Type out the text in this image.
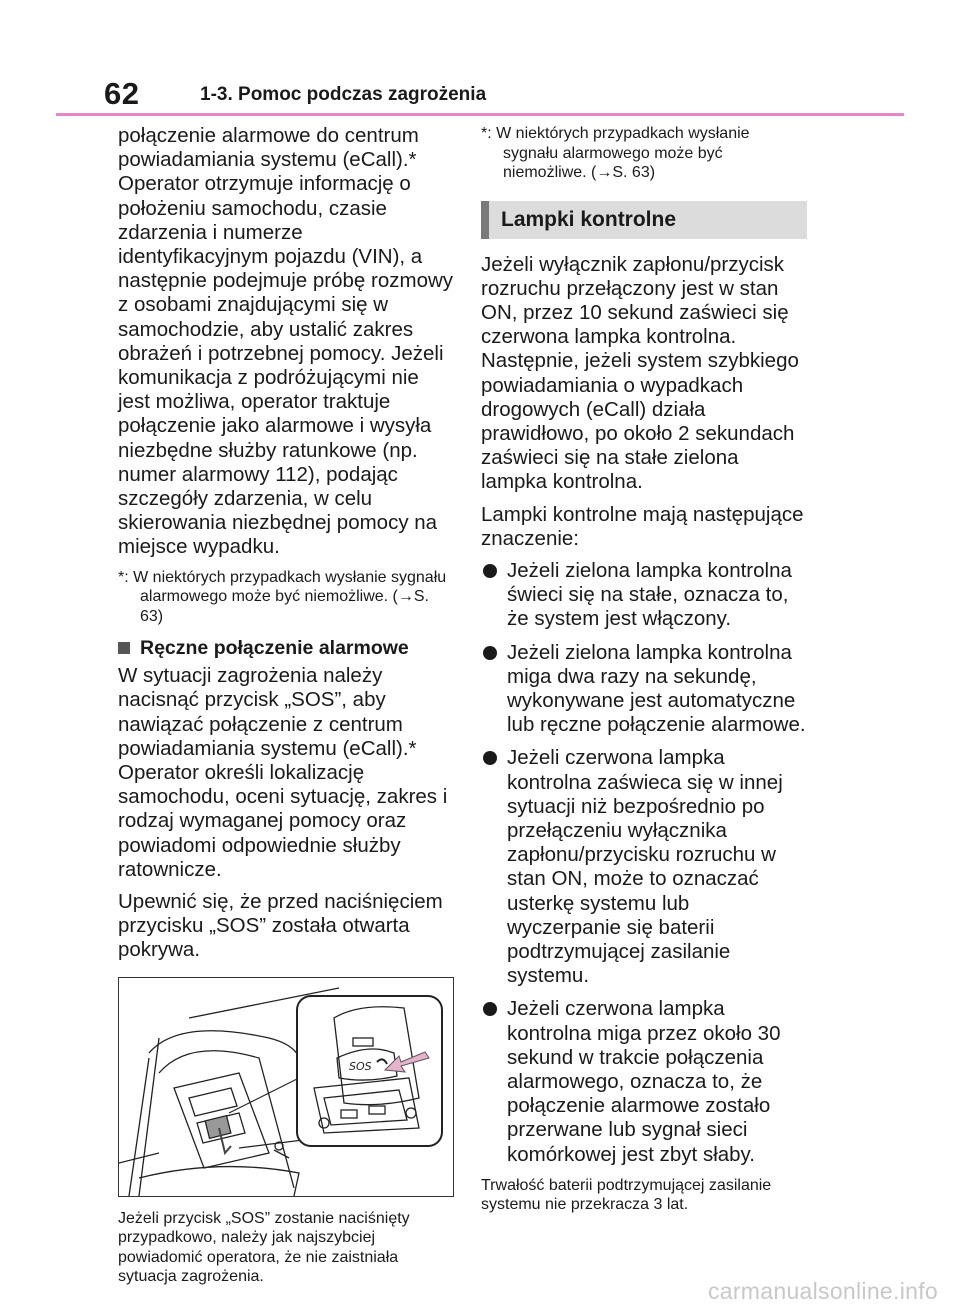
62	1-3. Pomoc podczas zagrożenia

połączenie alarmowe do centrum powiadamiania systemu (eCall).* Operator otrzymuje informację o położeniu samochodu, czasie zdarzenia i numerze identyfikacyjnym pojazdu (VIN), a następnie podejmuje próbę rozmowy z osobami znajdującymi się w samochodzie, aby ustalić zakres obrażeń i potrzebnej pomocy. Jeżeli komunikacja z podróżującymi nie jest możliwa, operator traktuje połączenie jako alarmowe i wysyła niezbędne służby ratunkowe (np. numer alarmowy 112), podając szczegóły zdarzenia, w celu skierowania niezbędnej pomocy na miejsce wypadku.

*: W niektórych przypadkach wysłanie sygnału alarmowego może być niemożliwe. (→S. 63)

Ręczne połączenie alarmowe

W sytuacji zagrożenia należy nacisnąć przycisk „SOS”, aby nawiązać połączenie z centrum powiadamiania systemu (eCall).* Operator określi lokalizację samochodu, oceni sytuację, zakres i rodzaj wymaganej pomocy oraz powiadomi odpowiednie służby ratownicze.

Upewnić się, że przed naciśnięciem przycisku „SOS” została otwarta pokrywa.

SOS

Jeżeli przycisk „SOS” zostanie naciśnięty przypadkowo, należy jak najszybciej powiadomić operatora, że nie zaistniała sytuacja zagrożenia.

*: W niektórych przypadkach wysłanie sygnału alarmowego może być niemożliwe. (→S. 63)

Lampki kontrolne

Jeżeli wyłącznik zapłonu/przycisk rozruchu przełączony jest w stan ON, przez 10 sekund zaświeci się czerwona lampka kontrolna. Następnie, jeżeli system szybkiego powiadamiania o wypadkach drogowych (eCall) działa prawidłowo, po około 2 sekundach zaświeci się na stałe zielona lampka kontrolna.

Lampki kontrolne mają następujące znaczenie:

Jeżeli zielona lampka kontrolna świeci się na stałe, oznacza to, że system jest włączony.
Jeżeli zielona lampka kontrolna miga dwa razy na sekundę, wykonywane jest automatyczne lub ręczne połączenie alarmowe.
Jeżeli czerwona lampka kontrolna zaświeca się w innej sytuacji niż bezpośrednio po przełączeniu wyłącznika zapłonu/przycisku rozruchu w stan ON, może to oznaczać usterkę systemu lub wyczerpanie się baterii podtrzymującej zasilanie systemu.
Jeżeli czerwona lampka kontrolna miga przez około 30 sekund w trakcie połączenia alarmowego, oznacza to, że połączenie alarmowe zostało przerwane lub sygnał sieci komórkowej jest zbyt słaby.

Trwałość baterii podtrzymującej zasilanie systemu nie przekracza 3 lat.

carmanualsonline.info
